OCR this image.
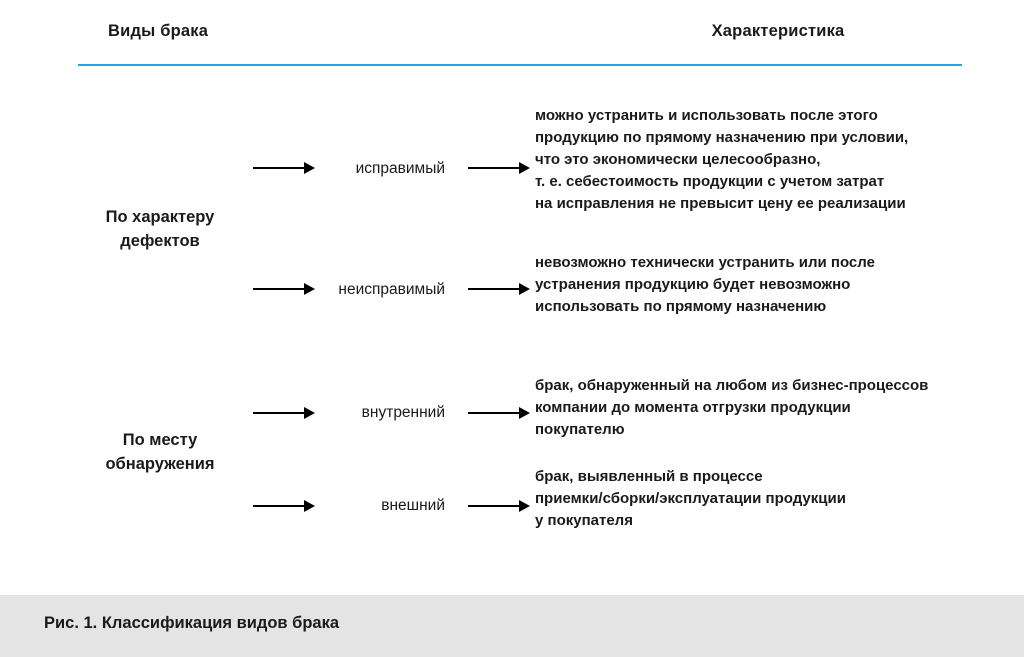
Виды брака	Характеристика
По характеру
дефектов
По месту
обнаружения
исправимый
неисправимый
внутренний
внешний
можно устранить и использовать после этого
продукцию по прямому назначению при условии,
что это экономически целесообразно,
т. е. себестоимость продукции с учетом затрат
на исправления не превысит цену ее реализации
невозможно технически устранить или после
устранения продукцию будет невозможно
использовать по прямому назначению
брак, обнаруженный на любом из бизнес-процессов
компании до момента отгрузки продукции
покупателю
брак, выявленный в процессе
приемки/сборки/эксплуатации продукции
у покупателя
Рис. 1. Классификация видов брака
